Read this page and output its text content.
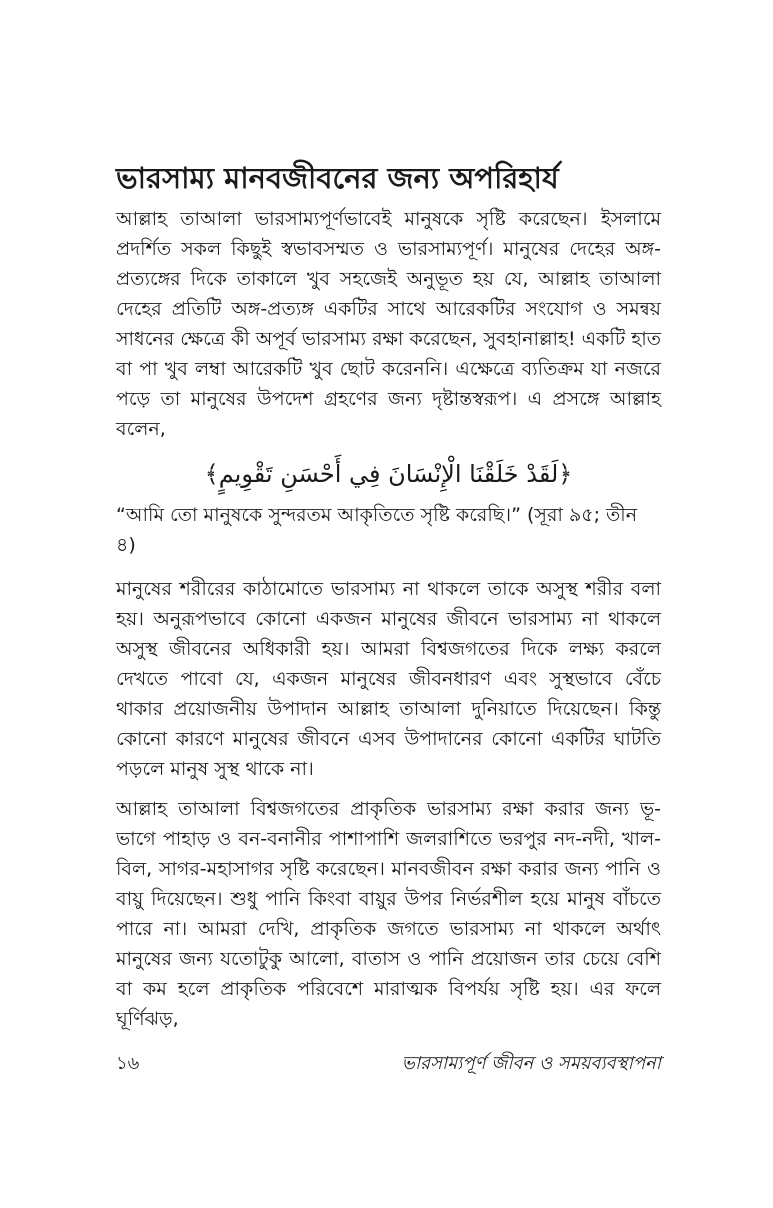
ভারসাম্য মানবজীবনের জন্য অপরিহার্য

আল্লাহ তাআলা ভারসাম্যপূর্ণভাবেই মানুষকে সৃষ্টি করেছেন। ইসলামে প্রদর্শিত সকল কিছুই স্বভাবসম্মত ও ভারসাম্যপূর্ণ। মানুষের দেহের অঙ্গ-প্রত্যঙ্গের দিকে তাকালে খুব সহজেই অনুভূত হয় যে, আল্লাহ তাআলা দেহের প্রতিটি অঙ্গ-প্রত্যঙ্গ একটির সাথে আরেকটির সংযোগ ও সমন্বয় সাধনের ক্ষেত্রে কী অপূর্ব ভারসাম্য রক্ষা করেছেন, সুবহানাল্লাহ! একটি হাত বা পা খুব লম্বা আরেকটি খুব ছোট করেননি। এক্ষেত্রে ব্যতিক্রম যা নজরে পড়ে তা মানুষের উপদেশ গ্রহণের জন্য দৃষ্টান্তস্বরূপ। এ প্রসঙ্গে আল্লাহ বলেন,

﴿لَقَدْ خَلَقْنَا الْإِنْسَانَ فِي أَحْسَنِ تَقْوِيمٍ﴾

“আমি তো মানুষকে সুন্দরতম আকৃতিতে সৃষ্টি করেছি।” (সূরা ৯৫; তীন ৪)

মানুষের শরীরের কাঠামোতে ভারসাম্য না থাকলে তাকে অসুস্থ শরীর বলা হয়। অনুরূপভাবে কোনো একজন মানুষের জীবনে ভারসাম্য না থাকলে অসুস্থ জীবনের অধিকারী হয়। আমরা বিশ্বজগতের দিকে লক্ষ্য করলে দেখতে পাবো যে, একজন মানুষের জীবনধারণ এবং সুস্থভাবে বেঁচে থাকার প্রয়োজনীয় উপাদান আল্লাহ তাআলা দুনিয়াতে দিয়েছেন। কিন্তু কোনো কারণে মানুষের জীবনে এসব উপাদানের কোনো একটির ঘাটতি পড়লে মানুষ সুস্থ থাকে না।

আল্লাহ তাআলা বিশ্বজগতের প্রাকৃতিক ভারসাম্য রক্ষা করার জন্য ভূ-ভাগে পাহাড় ও বন-বনানীর পাশাপাশি জলরাশিতে ভরপুর নদ-নদী, খাল-বিল, সাগর-মহাসাগর সৃষ্টি করেছেন। মানবজীবন রক্ষা করার জন্য পানি ও বায়ু দিয়েছেন। শুধু পানি কিংবা বায়ুর উপর নির্ভরশীল হয়ে মানুষ বাঁচতে পারে না। আমরা দেখি, প্রাকৃতিক জগতে ভারসাম্য না থাকলে অর্থাৎ মানুষের জন্য যতোটুকু আলো, বাতাস ও পানি প্রয়োজন তার চেয়ে বেশি বা কম হলে প্রাকৃতিক পরিবেশে মারাত্মক বিপর্যয় সৃষ্টি হয়। এর ফলে ঘূর্ণিঝড়,

১৬	ভারসাম্যপূর্ণ জীবন ও সময়ব্যবস্থাপনা
